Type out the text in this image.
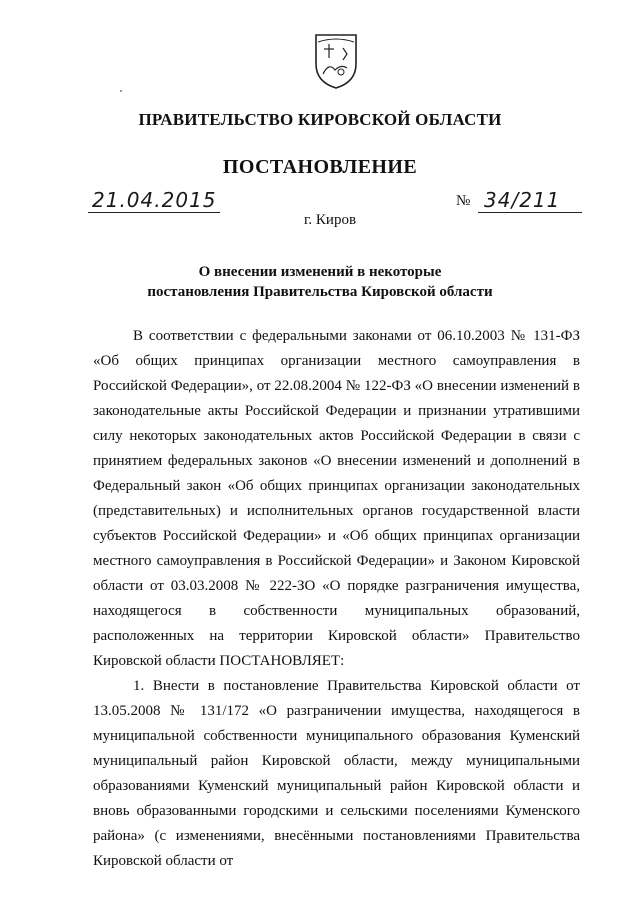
ПРАВИТЕЛЬСТВО КИРОВСКОЙ ОБЛАСТИ
ПОСТАНОВЛЕНИЕ
21.04.2015	№ 34/211
г. Киров
О внесении изменений в некоторые
постановления Правительства Кировской области

В соответствии с федеральными законами от 06.10.2003 № 131-ФЗ «Об общих принципах организации местного самоуправления в Российской Федерации», от 22.08.2004 № 122-ФЗ «О внесении изменений в законодательные акты Российской Федерации и признании утратившими силу некоторых законодательных актов Российской Федерации в связи с принятием федеральных законов «О внесении изменений и дополнений в Федеральный закон «Об общих принципах организации законодательных (представительных) и исполнительных органов государственной власти субъектов Российской Федерации» и «Об общих принципах организации местного самоуправления в Российской Федерации» и Законом Кировской области от 03.03.2008 № 222-ЗО «О порядке разграничения имущества, находящегося в собственности муниципальных образований, расположенных на территории Кировской области» Правительство Кировской области ПОСТАНОВЛЯЕТ:

1. Внести в постановление Правительства Кировской области от 13.05.2008 № 131/172 «О разграничении имущества, находящегося в муниципальной собственности муниципального образования Куменский муниципальный район Кировской области, между муниципальными образованиями Куменский муниципальный район Кировской области и вновь образованными городскими и сельскими поселениями Куменского района» (с изменениями, внесёнными постановлениями Правительства Кировской области от
